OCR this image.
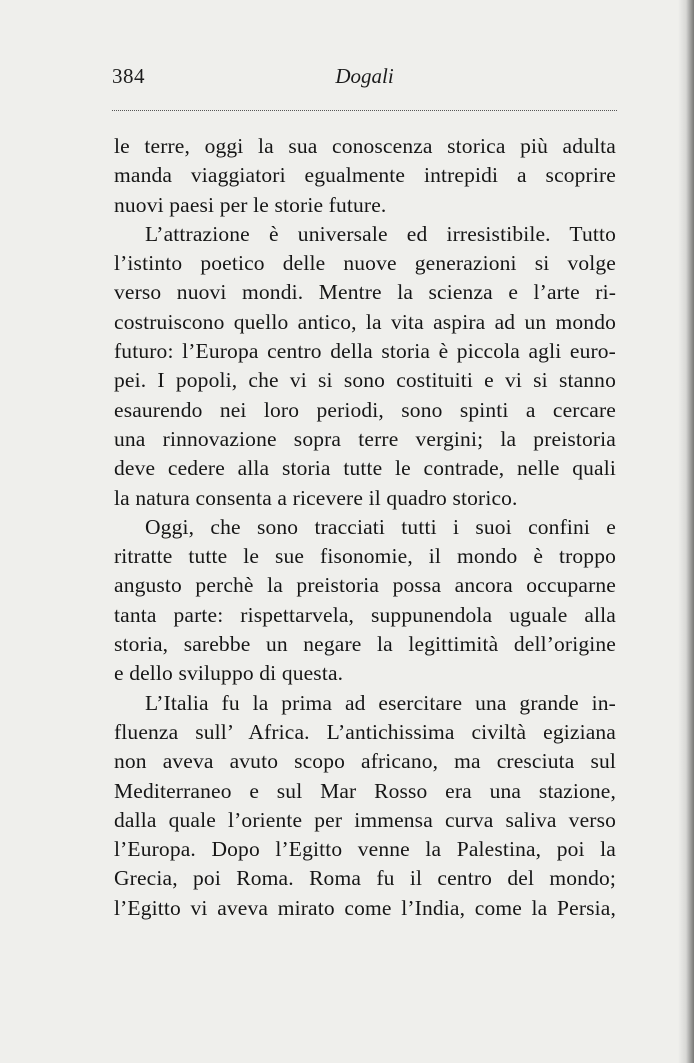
384	Dogali
le terre, oggi la sua conoscenza storica più adulta
manda viaggiatori egualmente intrepidi a scoprire
nuovi paesi per le storie future.
L’attrazione è universale ed irresistibile. Tutto
l’istinto poetico delle nuove generazioni si volge
verso nuovi mondi. Mentre la scienza e l’arte ri-
costruiscono quello antico, la vita aspira ad un mondo
futuro: l’Europa centro della storia è piccola agli euro-
pei. I popoli, che vi si sono costituiti e vi si stanno
esaurendo nei loro periodi, sono spinti a cercare
una rinnovazione sopra terre vergini; la preistoria
deve cedere alla storia tutte le contrade, nelle quali
la natura consenta a ricevere il quadro storico.
Oggi, che sono tracciati tutti i suoi confini e
ritratte tutte le sue fisonomie, il mondo è troppo
angusto perchè la preistoria possa ancora occuparne
tanta parte: rispettarvela, suppunendola uguale alla
storia, sarebbe un negare la legittimità dell’origine
e dello sviluppo di questa.
L’Italia fu la prima ad esercitare una grande in-
fluenza sull’ Africa. L’antichissima civiltà egiziana
non aveva avuto scopo africano, ma cresciuta sul
Mediterraneo e sul Mar Rosso era una stazione,
dalla quale l’oriente per immensa curva saliva verso
l’Europa. Dopo l’Egitto venne la Palestina, poi la
Grecia, poi Roma. Roma fu il centro del mondo;
l’Egitto vi aveva mirato come l’India, come la Persia,
